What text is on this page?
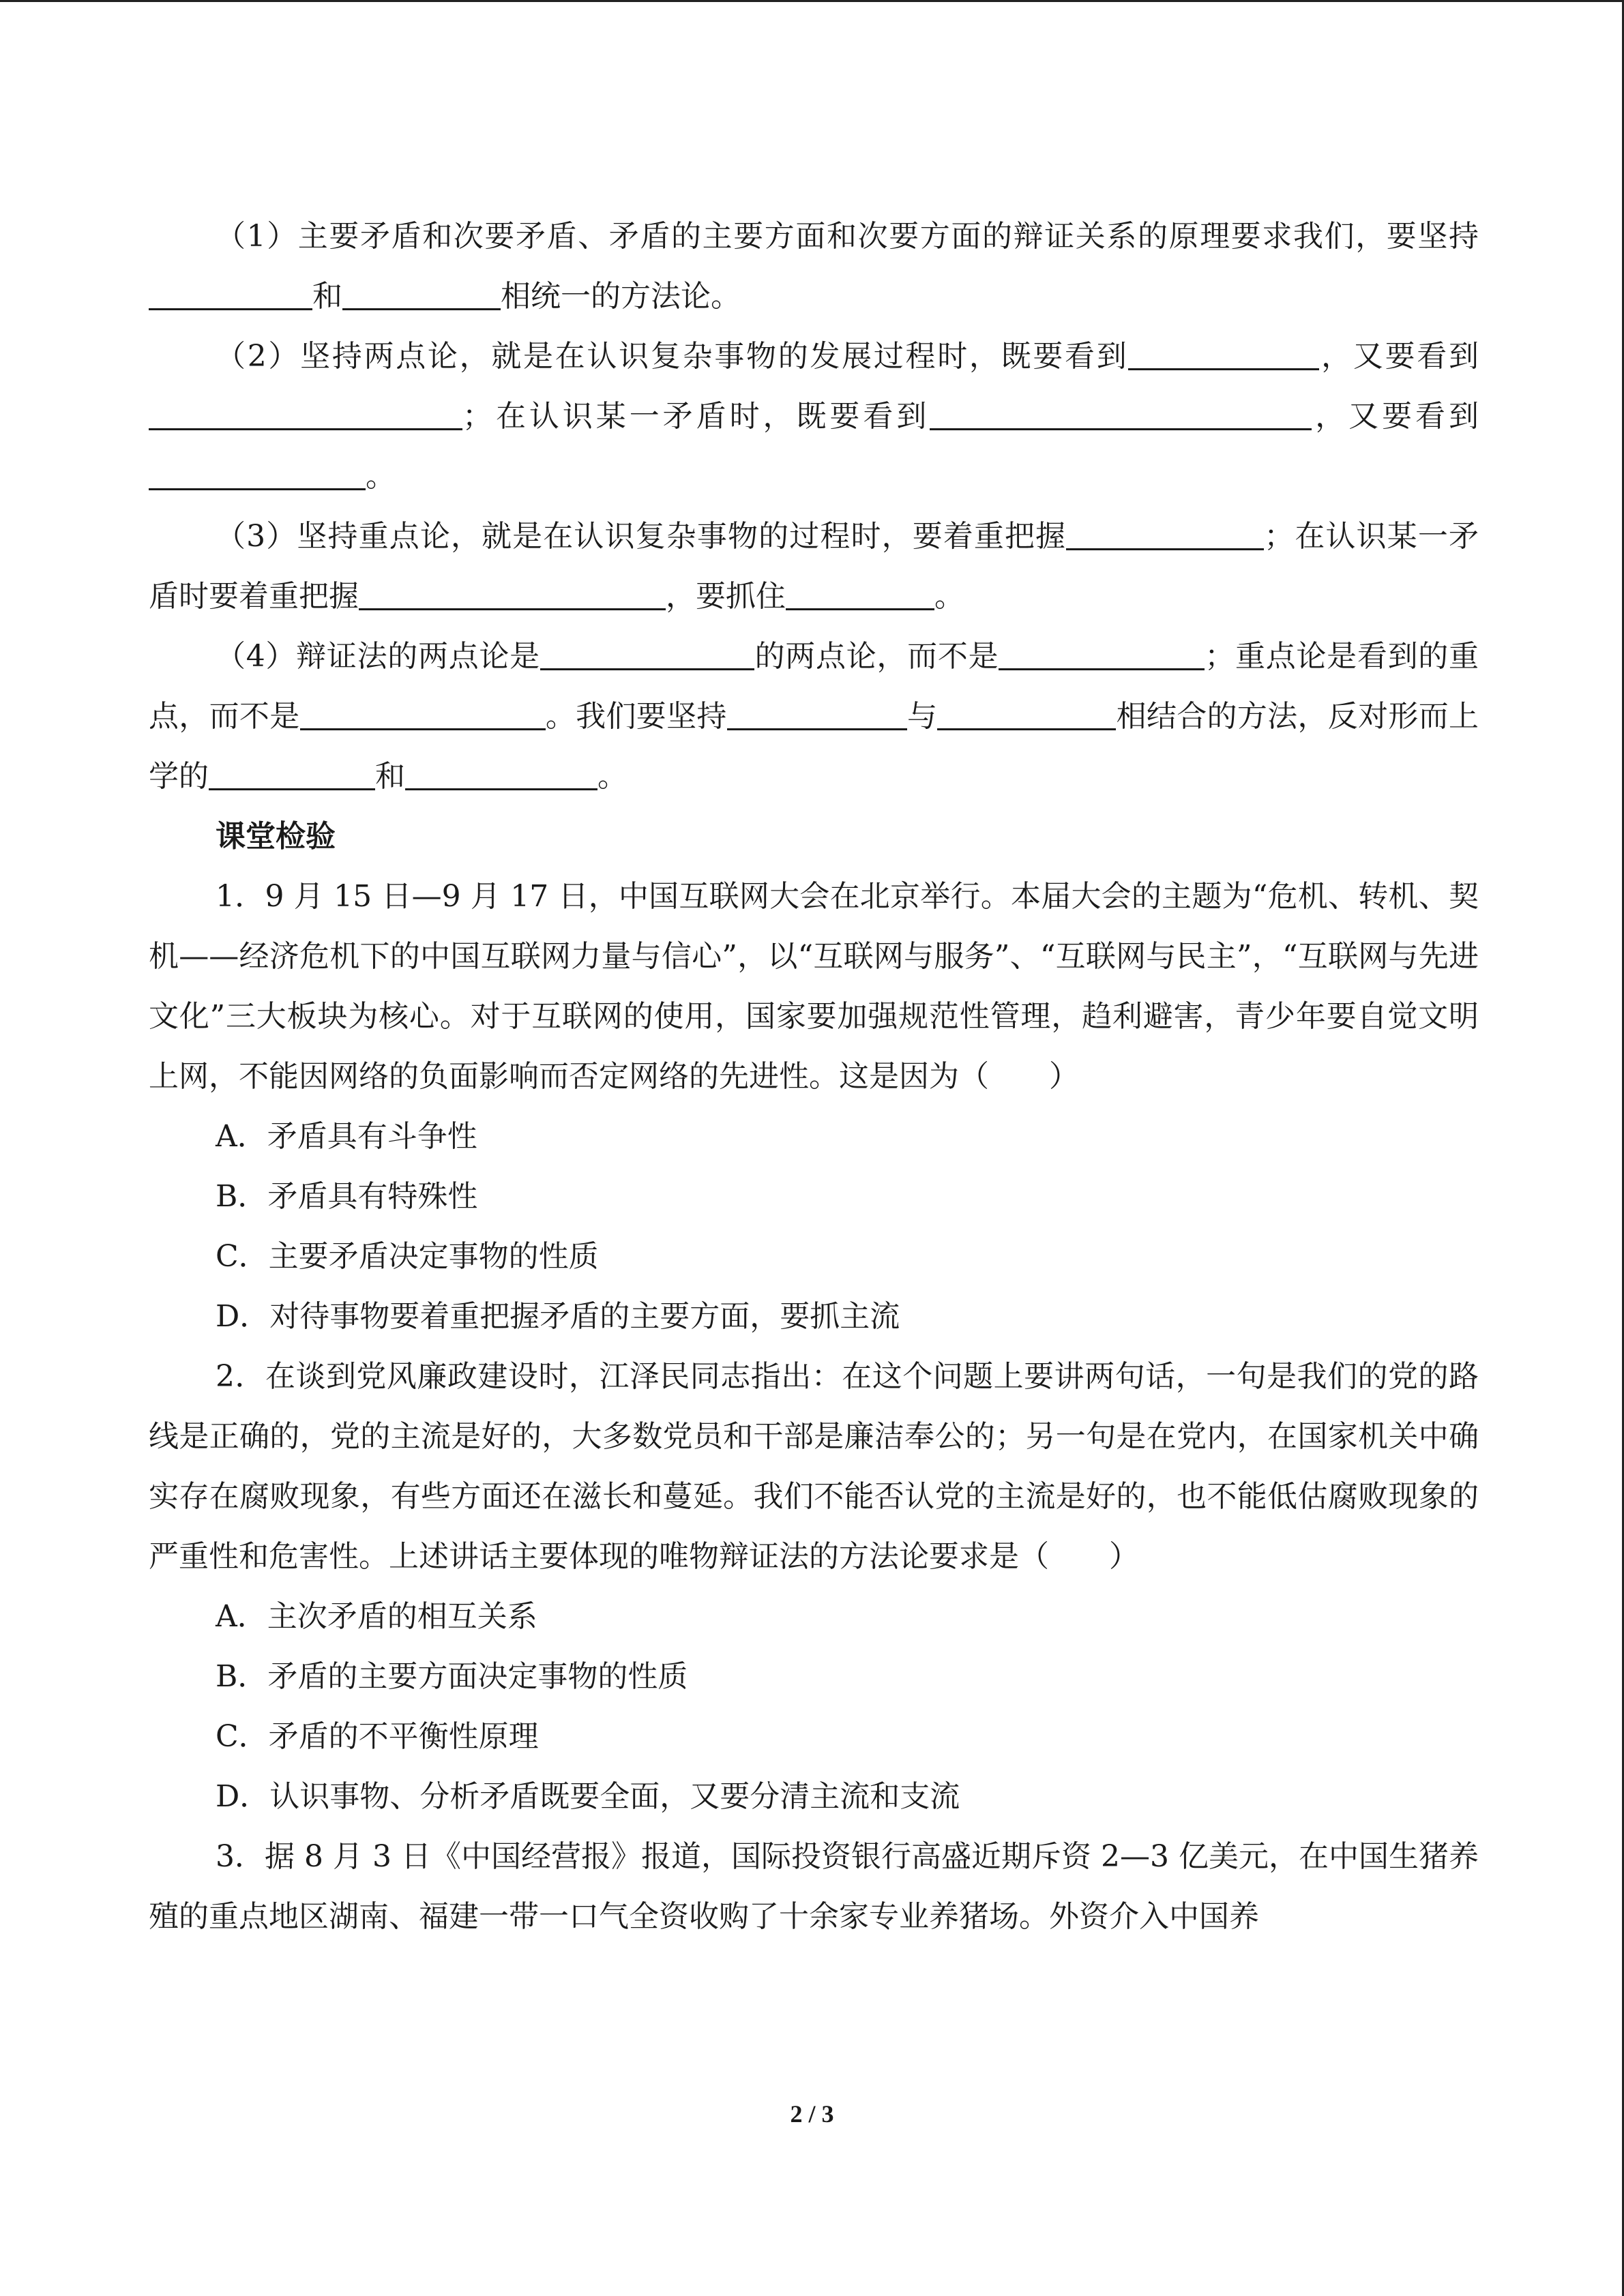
（1）主要矛盾和次要矛盾、矛盾的主要方面和次要方面的辩证关系的原理要求我们，要坚持和	相统一的方法论。

（2）坚持两点论，就是在认识复杂事物的发展过程时，既要看到	，又要看到；在认识某一矛盾时，既要看到	，又要看到。

（3）坚持重点论，就是在认识复杂事物的过程时，要着重把握	；在认识某一矛盾时要着重把握	，要抓住	。

（4）辩证法的两点论是	的两点论，而不是	；重点论是看到的重点，而不是	。我们要坚持	与	相结合的方法，反对形而上学的	和	。

课堂检验

1．9 月 15 日—9 月 17 日，中国互联网大会在北京举行。本届大会的主题为“危机、转机、契机——经济危机下的中国互联网力量与信心”，以“互联网与服务”、“互联网与民主”，“互联网与先进文化”三大板块为核心。对于互联网的使用，国家要加强规范性管理，趋利避害，青少年要自觉文明上网，不能因网络的负面影响而否定网络的先进性。这是因为（　　）

A．矛盾具有斗争性

B．矛盾具有特殊性

C．主要矛盾决定事物的性质

D．对待事物要着重把握矛盾的主要方面，要抓主流

2．在谈到党风廉政建设时，江泽民同志指出：在这个问题上要讲两句话，一句是我们的党的路线是正确的，党的主流是好的，大多数党员和干部是廉洁奉公的；另一句是在党内，在国家机关中确实存在腐败现象，有些方面还在滋长和蔓延。我们不能否认党的主流是好的，也不能低估腐败现象的严重性和危害性。上述讲话主要体现的唯物辩证法的方法论要求是（　　）

A．主次矛盾的相互关系

B．矛盾的主要方面决定事物的性质

C．矛盾的不平衡性原理

D．认识事物、分析矛盾既要全面，又要分清主流和支流

3．据 8 月 3 日《中国经营报》报道，国际投资银行高盛近期斥资 2—3 亿美元，在中国生猪养殖的重点地区湖南、福建一带一口气全资收购了十余家专业养猪场。外资介入中国养

2 / 3
